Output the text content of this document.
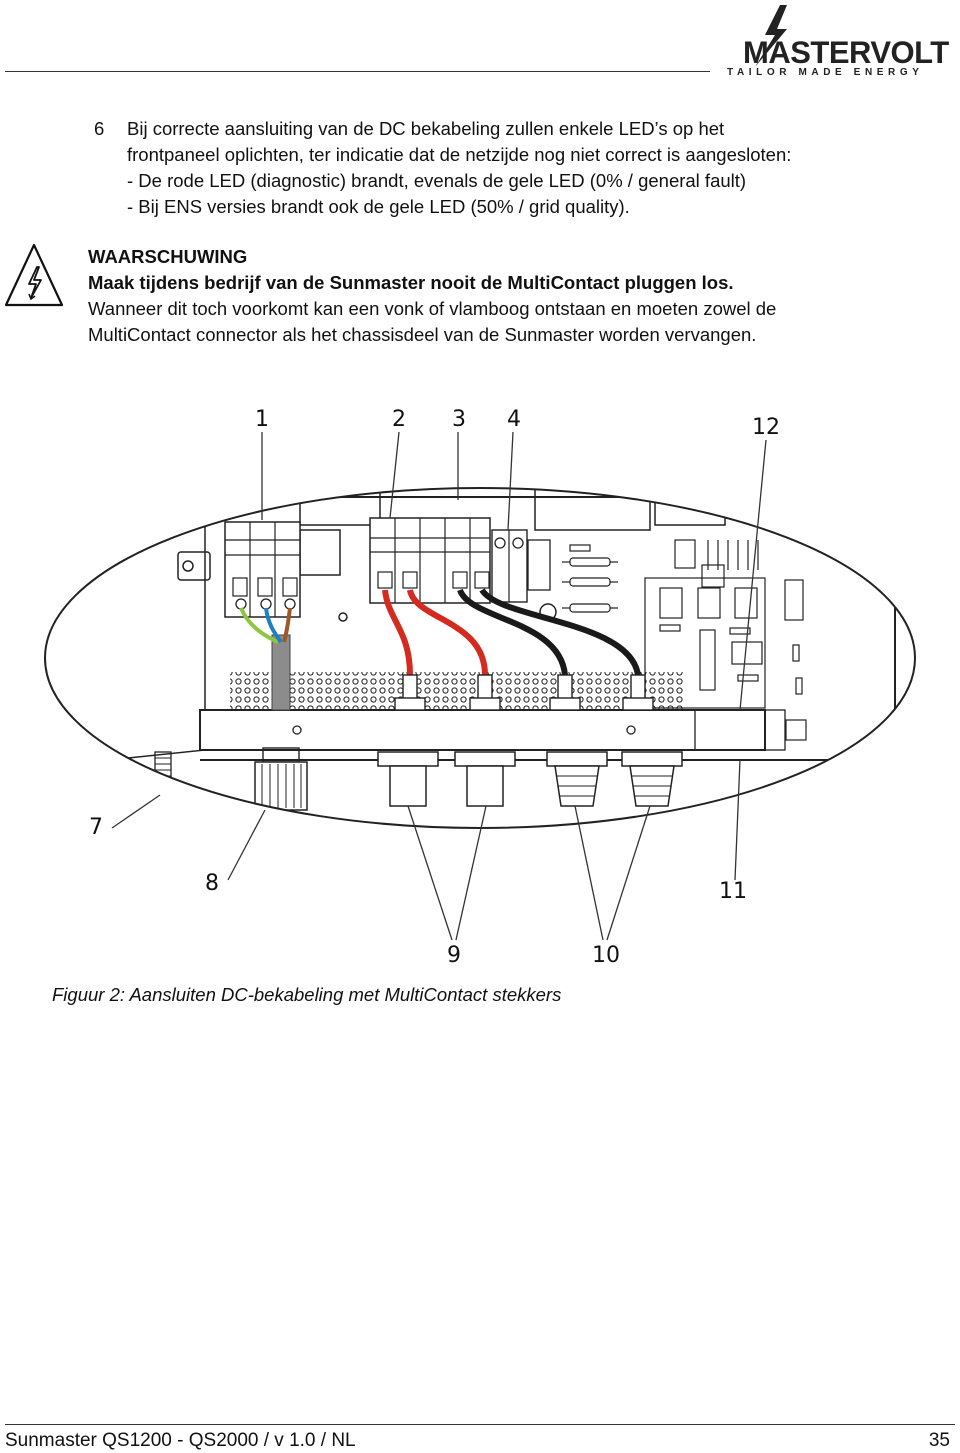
MASTERVOLT
TAILOR MADE ENERGY
6 Bij correcte aansluiting van de DC bekabeling zullen enkele LED’s op het
frontpaneel oplichten, ter indicatie dat de netzijde nog niet correct is aangesloten:
- De rode LED (diagnostic) brandt, evenals de gele LED (0% / general fault)
- Bij ENS versies brandt ook de gele LED (50% / grid quality).
WAARSCHUWING
Maak tijdens bedrijf van de Sunmaster nooit de MultiContact pluggen los.
Wanneer dit toch voorkomt kan een vonk of vlamboog ontstaan en moeten zowel de
MultiContact connector als het chassisdeel van de Sunmaster worden vervangen.
1	2 3 4	12
7
8	11
9	10
Figuur 2: Aansluiten DC-bekabeling met MultiContact stekkers
Sunmaster QS1200 - QS2000 / v 1.0 / NL	35
